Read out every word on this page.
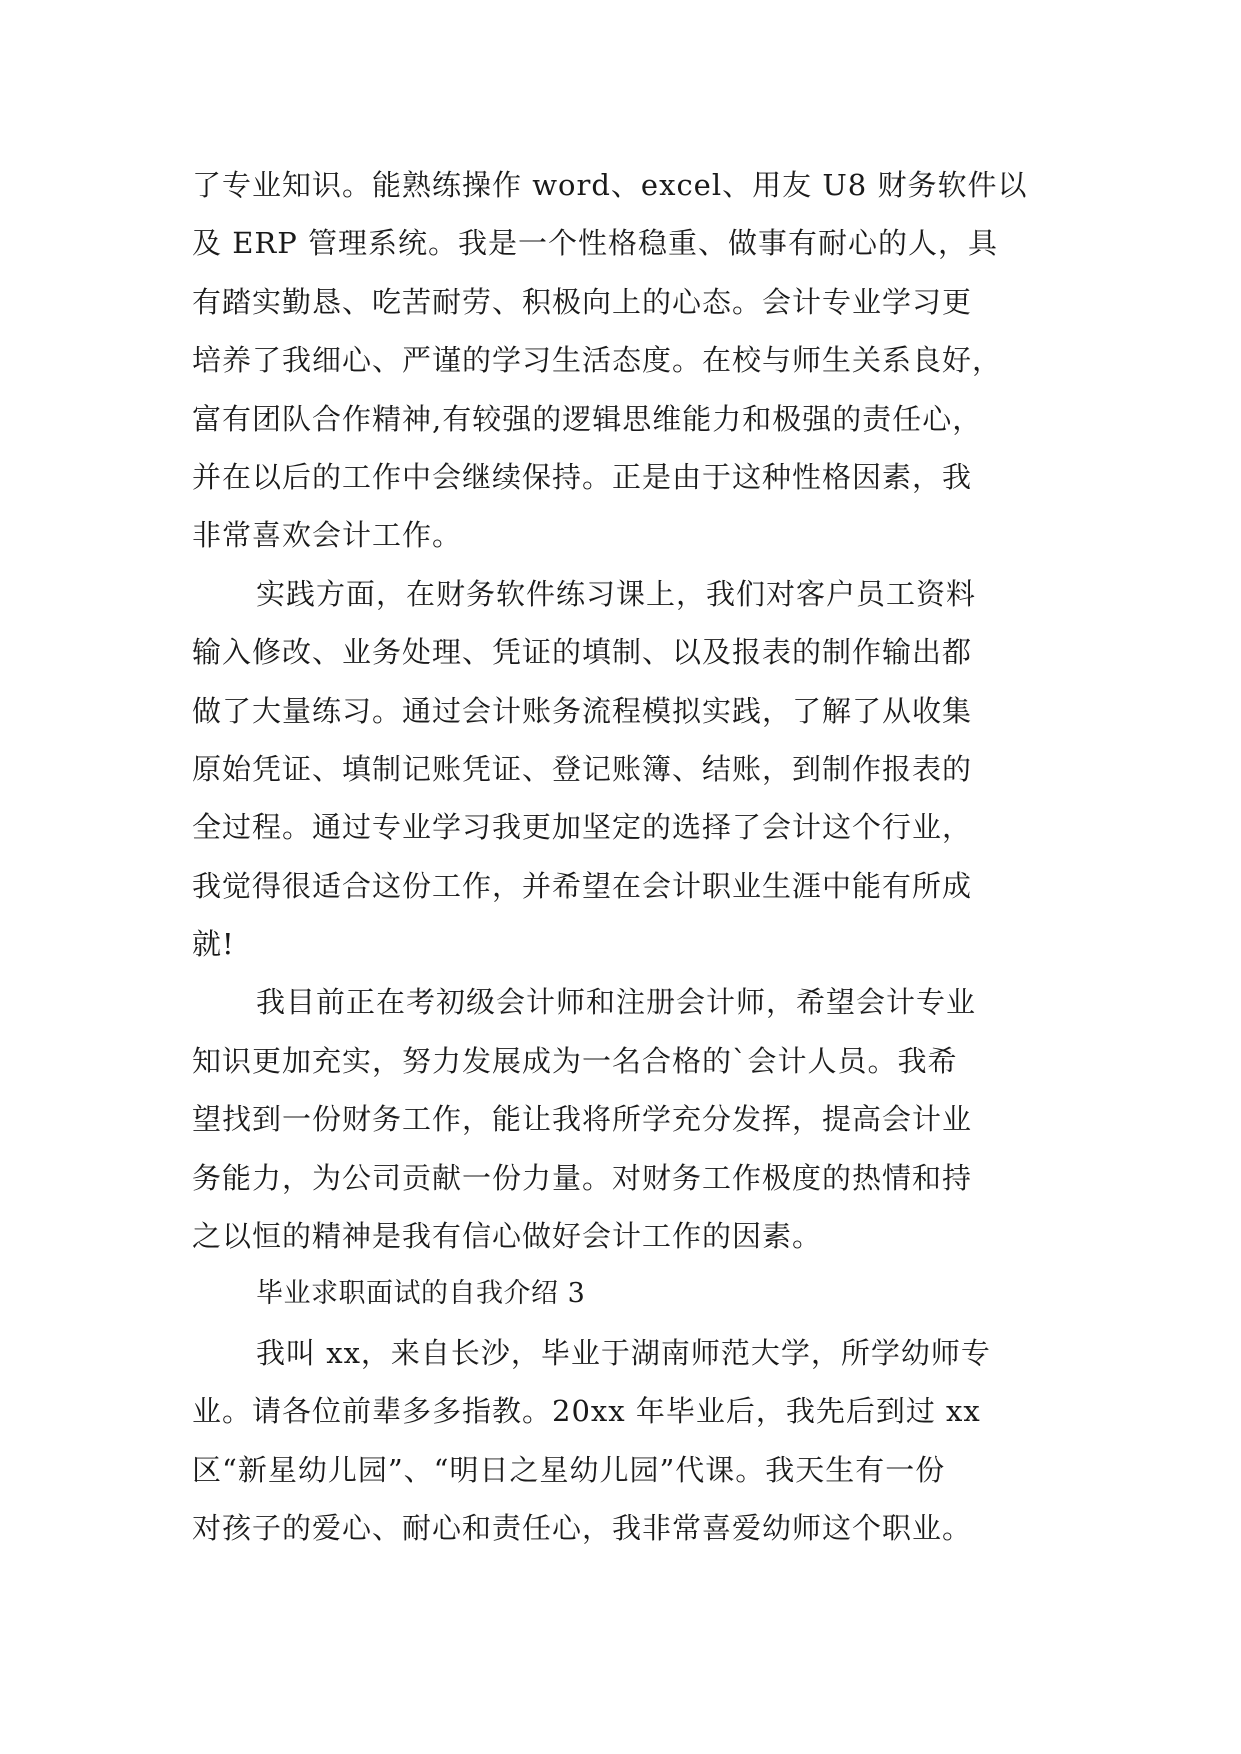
了专业知识。能熟练操作 word、excel、用友 U8 财务软件以
及 ERP 管理系统。我是一个性格稳重、做事有耐心的人，具
有踏实勤恳、吃苦耐劳、积极向上的心态。会计专业学习更
培养了我细心、严谨的学习生活态度。在校与师生关系良好，
富有团队合作精神,有较强的逻辑思维能力和极强的责任心，
并在以后的工作中会继续保持。正是由于这种性格因素，我
非常喜欢会计工作。
实践方面，在财务软件练习课上，我们对客户员工资料
输入修改、业务处理、凭证的填制、以及报表的制作输出都
做了大量练习。通过会计账务流程模拟实践，了解了从收集
原始凭证、填制记账凭证、登记账簿、结账，到制作报表的
全过程。通过专业学习我更加坚定的选择了会计这个行业，
我觉得很适合这份工作，并希望在会计职业生涯中能有所成
就!
我目前正在考初级会计师和注册会计师，希望会计专业
知识更加充实，努力发展成为一名合格的`会计人员。我希
望找到一份财务工作，能让我将所学充分发挥，提高会计业
务能力，为公司贡献一份力量。对财务工作极度的热情和持
之以恒的精神是我有信心做好会计工作的因素。
毕业求职面试的自我介绍 3
我叫 xx，来自长沙，毕业于湖南师范大学，所学幼师专
业。请各位前辈多多指教。20xx 年毕业后，我先后到过 xx
区“新星幼儿园”、“明日之星幼儿园”代课。我天生有一份
对孩子的爱心、耐心和责任心，我非常喜爱幼师这个职业。
